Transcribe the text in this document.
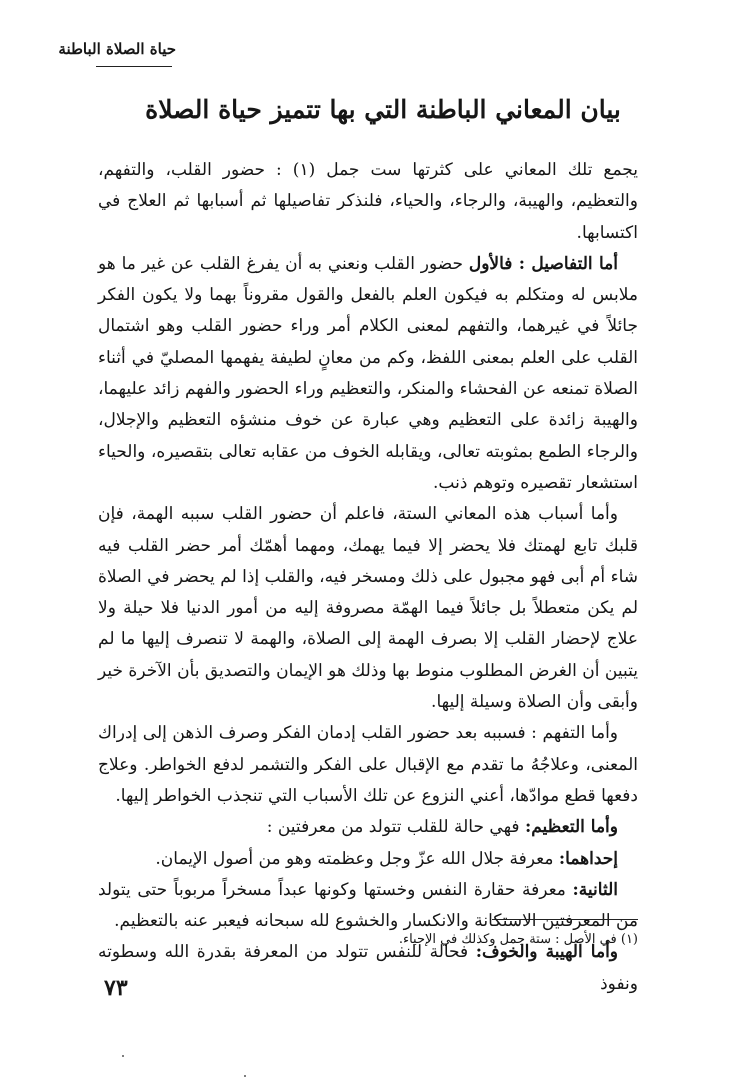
حياة الصلاة الباطنة
بيان المعاني الباطنة التي بها تتميز حياة الصلاة

يجمع تلك المعاني على كثرتها ست جمل (١) : حضور القلب، والتفهم، والتعظيم، والهيبة، والرجاء، والحياء، فلنذكر تفاصيلها ثم أسبابها ثم العلاج في اكتسابها.

أما التفاصيل : فالأول حضور القلب ونعني به أن يفرغ القلب عن غير ما هو ملابس له ومتكلم به فيكون العلم بالفعل والقول مقروناً بهما ولا يكون الفكر جائلاً في غيرهما، والتفهم لمعنى الكلام أمر وراء حضور القلب وهو اشتمال القلب على العلم بمعنى اللفظ، وكم من معانٍ لطيفة يفهمها المصليّ في أثناء الصلاة تمنعه عن الفحشاء والمنكر، والتعظيم وراء الحضور والفهم زائد عليهما، والهيبة زائدة على التعظيم وهي عبارة عن خوف منشؤه التعظيم والإجلال، والرجاء الطمع بمثوبته تعالى، ويقابله الخوف من عقابه تعالى بتقصيره، والحياء استشعار تقصيره وتوهم ذنب.

وأما أسباب هذه المعاني الستة، فاعلم أن حضور القلب سببه الهمة، فإن قلبك تابع لهمتك فلا يحضر إلا فيما يهمك، ومهما أهمّك أمر حضر القلب فيه شاء أم أبى فهو مجبول على ذلك ومسخر فيه، والقلب إذا لم يحضر في الصلاة لم يكن متعطلاً بل جائلاً فيما الهمّة مصروفة إليه من أمور الدنيا فلا حيلة ولا علاج لإحضار القلب إلا بصرف الهمة إلى الصلاة، والهمة لا تنصرف إليها ما لم يتبين أن الغرض المطلوب منوط بها وذلك هو الإيمان والتصديق بأن الآخرة خير وأبقى وأن الصلاة وسيلة إليها.

وأما التفهم : فسببه بعد حضور القلب إدمان الفكر وصرف الذهن إلى إدراك المعنى، وعلاجُهُ ما تقدم مع الإقبال على الفكر والتشمر لدفع الخواطر. وعلاج دفعها قطع موادّها، أعني النزوع عن تلك الأسباب التي تنجذب الخواطر إليها.

وأما التعظيم: فهي حالة للقلب تتولد من معرفتين :

إحداهما: معرفة جلال الله عزّ وجل وعظمته وهو من أصول الإيمان.

الثانية: معرفة حقارة النفس وخستها وكونها عبداً مسخراً مربوباً حتى يتولد من المعرفتين الاستكانة والانكسار والخشوع لله سبحانه فيعبر عنه بالتعظيم.

وأما الهيبة والخوف: فحالة للنفس تتولد من المعرفة بقدرة الله وسطوته ونفوذ

(١) في الأصل : ستة جمل وكذلك في الإحياء.
٧٣
